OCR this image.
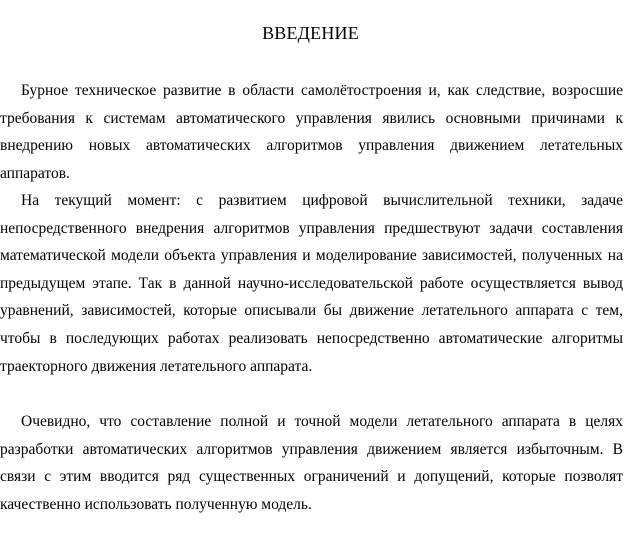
ВВЕДЕНИЕ

Бурное техническое развитие в области самолётостроения и, как следствие, возросшие требования к системам автоматического управления явились основными причинами к внедрению новых автоматических алгоритмов управления движением летательных аппаратов.

На текущий момент: с развитием цифровой вычислительной техники, задаче непосредственного внедрения алгоритмов управления предшествуют задачи составления математической модели объекта управления и моделирование зависимостей, полученных на предыдущем этапе. Так в данной научно-исследовательской работе осуществляется вывод уравнений, зависимостей, которые описывали бы движение летательного аппарата с тем, чтобы в последующих работах реализовать непосредственно автоматические алгоритмы траекторного движения летательного аппарата.

Очевидно, что составление полной и точной модели летательного аппарата в целях разработки автоматических алгоритмов управления движением является избыточным. В связи с этим вводится ряд существенных ограничений и допущений, которые позволят качественно использовать полученную модель.
